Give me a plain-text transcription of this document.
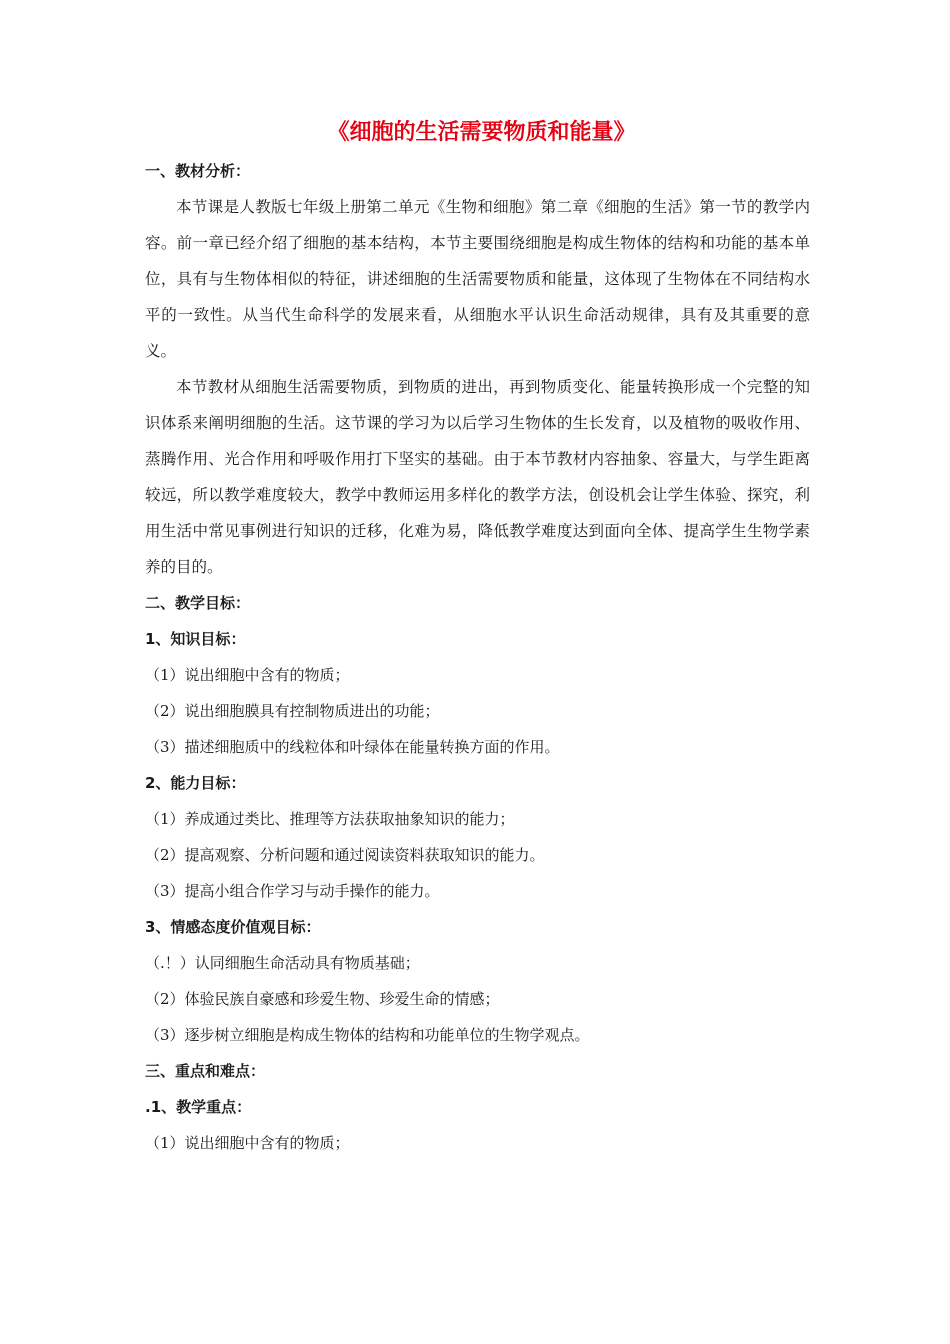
《细胞的生活需要物质和能量》
一、教材分析：

本节课是人教版七年级上册第二单元《生物和细胞》第二章《细胞的生活》第一节的教学内容。前一章已经介绍了细胞的基本结构，本节主要围绕细胞是构成生物体的结构和功能的基本单位，具有与生物体相似的特征，讲述细胞的生活需要物质和能量，这体现了生物体在不同结构水平的一致性。从当代生命科学的发展来看，从细胞水平认识生命活动规律，具有及其重要的意义。

本节教材从细胞生活需要物质，到物质的进出，再到物质变化、能量转换形成一个完整的知识体系来阐明细胞的生活。这节课的学习为以后学习生物体的生长发育，以及植物的吸收作用、蒸腾作用、光合作用和呼吸作用打下坚实的基础。由于本节教材内容抽象、容量大，与学生距离较远，所以教学难度较大，教学中教师运用多样化的教学方法，创设机会让学生体验、探究，利用生活中常见事例进行知识的迁移，化难为易，降低教学难度达到面向全体、提高学生生物学素养的目的。

二、教学目标：
1、知识目标：
（1）说出细胞中含有的物质；
（2）说出细胞膜具有控制物质进出的功能；
（3）描述细胞质中的线粒体和叶绿体在能量转换方面的作用。
2、能力目标：
（1）养成通过类比、推理等方法获取抽象知识的能力；
（2）提高观察、分析问题和通过阅读资料获取知识的能力。
（3）提高小组合作学习与动手操作的能力。
3、情感态度价值观目标：
（.！）认同细胞生命活动具有物质基础；
（2）体验民族自豪感和珍爱生物、珍爱生命的情感；
（3）逐步树立细胞是构成生物体的结构和功能单位的生物学观点。
三、重点和难点：
.1、教学重点：
（1）说出细胞中含有的物质；
